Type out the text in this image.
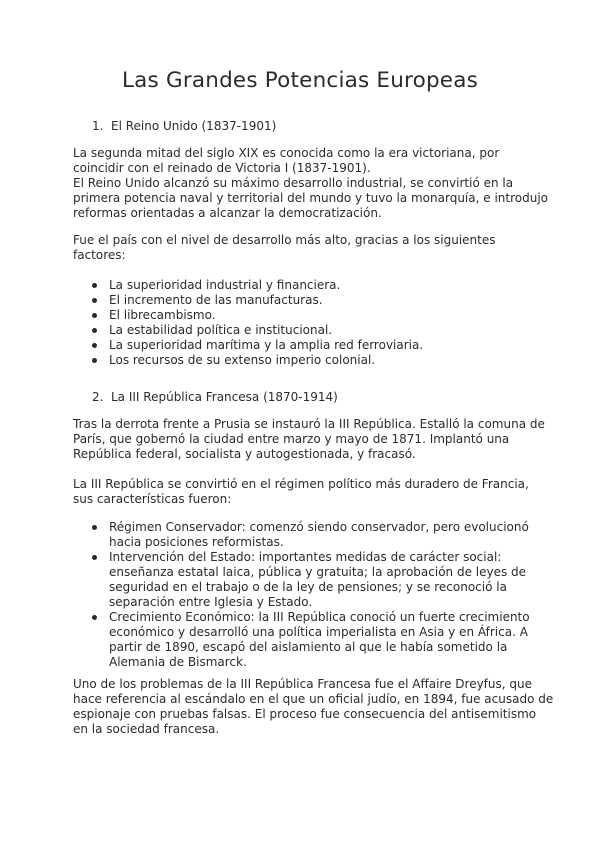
Las Grandes Potencias Europeas
1. El Reino Unido (1837-1901)

La segunda mitad del siglo XIX es conocida como la era victoriana, por
coincidir con el reinado de Victoria I (1837-1901).
El Reino Unido alcanzó su máximo desarrollo industrial, se convirtió en la
primera potencia naval y territorial del mundo y tuvo la monarquía, e introdujo
reformas orientadas a alcanzar la democratización.

Fue el país con el nivel de desarrollo más alto, gracias a los siguientes
factores:

La superioridad industrial y financiera.
El incremento de las manufacturas.
El librecambismo.
La estabilidad política e institucional.
La superioridad marítima y la amplia red ferroviaria.
Los recursos de su extenso imperio colonial.
2. La III República Francesa (1870-1914)

Tras la derrota frente a Prusia se instauró la III República. Estalló la comuna de
París, que gobernó la ciudad entre marzo y mayo de 1871. Implantó una
República federal, socialista y autogestionada, y fracasó.

La III República se convirtió en el régimen político más duradero de Francia,
sus características fueron:

Régimen Conservador: comenzó siendo conservador, pero evolucionó
hacia posiciones reformistas.
Intervención del Estado: importantes medidas de carácter social:
enseñanza estatal laica, pública y gratuita; la aprobación de leyes de
seguridad en el trabajo o de la ley de pensiones; y se reconoció la
separación entre Iglesia y Estado.
Crecimiento Económico: la III República conoció un fuerte crecimiento
económico y desarrolló una política imperialista en Asia y en África. A
partir de 1890, escapó del aislamiento al que le había sometido la
Alemania de Bismarck.

Uno de los problemas de la III República Francesa fue el Affaire Dreyfus, que
hace referencia al escándalo en el que un oficial judío, en 1894, fue acusado de
espionaje con pruebas falsas. El proceso fue consecuencia del antisemitismo
en la sociedad francesa.
